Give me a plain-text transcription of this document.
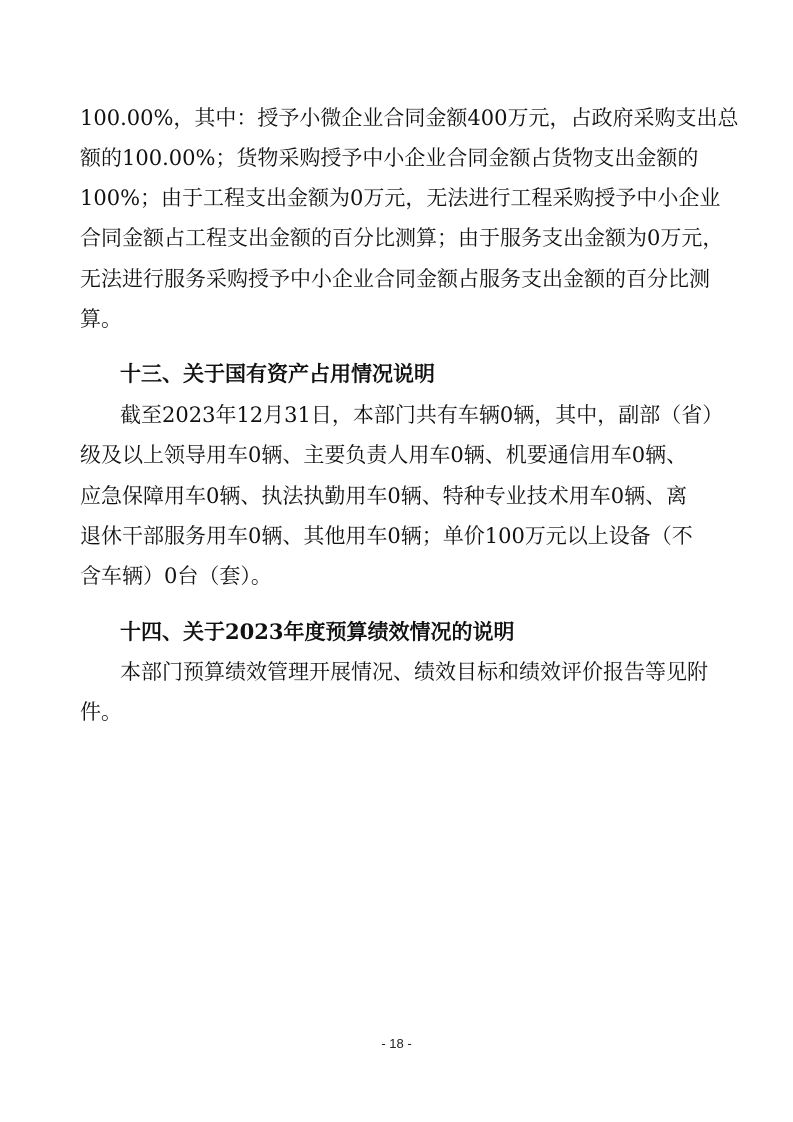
100.00%，其中：授予小微企业合同金额400万元，占政府采购支出总
额的100.00%；货物采购授予中小企业合同金额占货物支出金额的
100%；由于工程支出金额为0万元，无法进行工程采购授予中小企业
合同金额占工程支出金额的百分比测算；由于服务支出金额为0万元，
无法进行服务采购授予中小企业合同金额占服务支出金额的百分比测
算。
十三、关于国有资产占用情况说明
截至2023年12月31日，本部门共有车辆0辆，其中，副部（省）
级及以上领导用车0辆、主要负责人用车0辆、机要通信用车0辆、
应急保障用车0辆、执法执勤用车0辆、特种专业技术用车0辆、离
退休干部服务用车0辆、其他用车0辆；单价100万元以上设备（不
含车辆）0台（套）。
十四、关于2023年度预算绩效情况的说明
本部门预算绩效管理开展情况、绩效目标和绩效评价报告等见附
件。
- 18 -
